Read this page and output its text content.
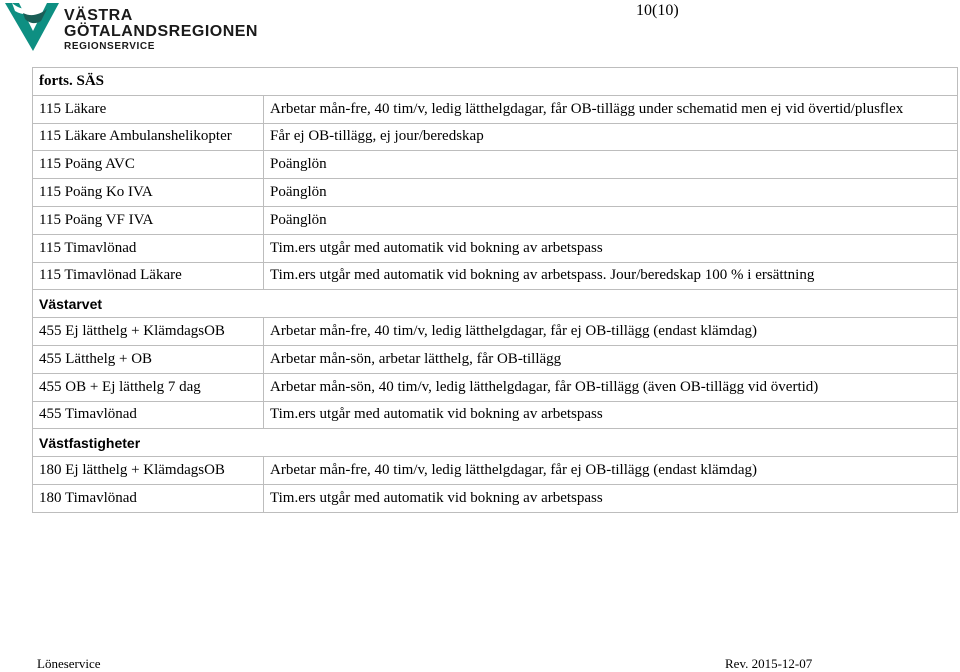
VÄSTRA
GÖTALANDSREGIONEN
REGIONSERVICE
10(10)
forts. SÄS	
115 Läkare	Arbetar mån-fre, 40 tim/v, ledig lätthelgdagar, får OB-tillägg under schematid men ej vid övertid/plusflex
115 Läkare Ambulanshelikopter	Får ej OB-tillägg, ej jour/beredskap
115 Poäng AVC	Poänglön
115 Poäng Ko IVA	Poänglön
115 Poäng VF IVA	Poänglön
115 Timavlönad	Tim.ers utgår med automatik vid bokning av arbetspass
115 Timavlönad Läkare	Tim.ers utgår med automatik vid bokning av arbetspass. Jour/beredskap 100 % i ersättning
Västarvet	
455 Ej lätthelg + KlämdagsOB	Arbetar mån-fre, 40 tim/v, ledig lätthelgdagar, får ej OB-tillägg (endast klämdag)
455 Lätthelg + OB	Arbetar mån-sön, arbetar lätthelg, får OB-tillägg
455 OB + Ej lätthelg 7 dag	Arbetar mån-sön, 40 tim/v, ledig lätthelgdagar, får OB-tillägg (även OB-tillägg vid övertid)
455 Timavlönad	Tim.ers utgår med automatik vid bokning av arbetspass
Västfastigheter	
180 Ej lätthelg + KlämdagsOB	Arbetar mån-fre, 40 tim/v, ledig lätthelgdagar, får ej OB-tillägg (endast klämdag)
180 Timavlönad	Tim.ers utgår med automatik vid bokning av arbetspass
Löneservice	Rev. 2015-12-07
